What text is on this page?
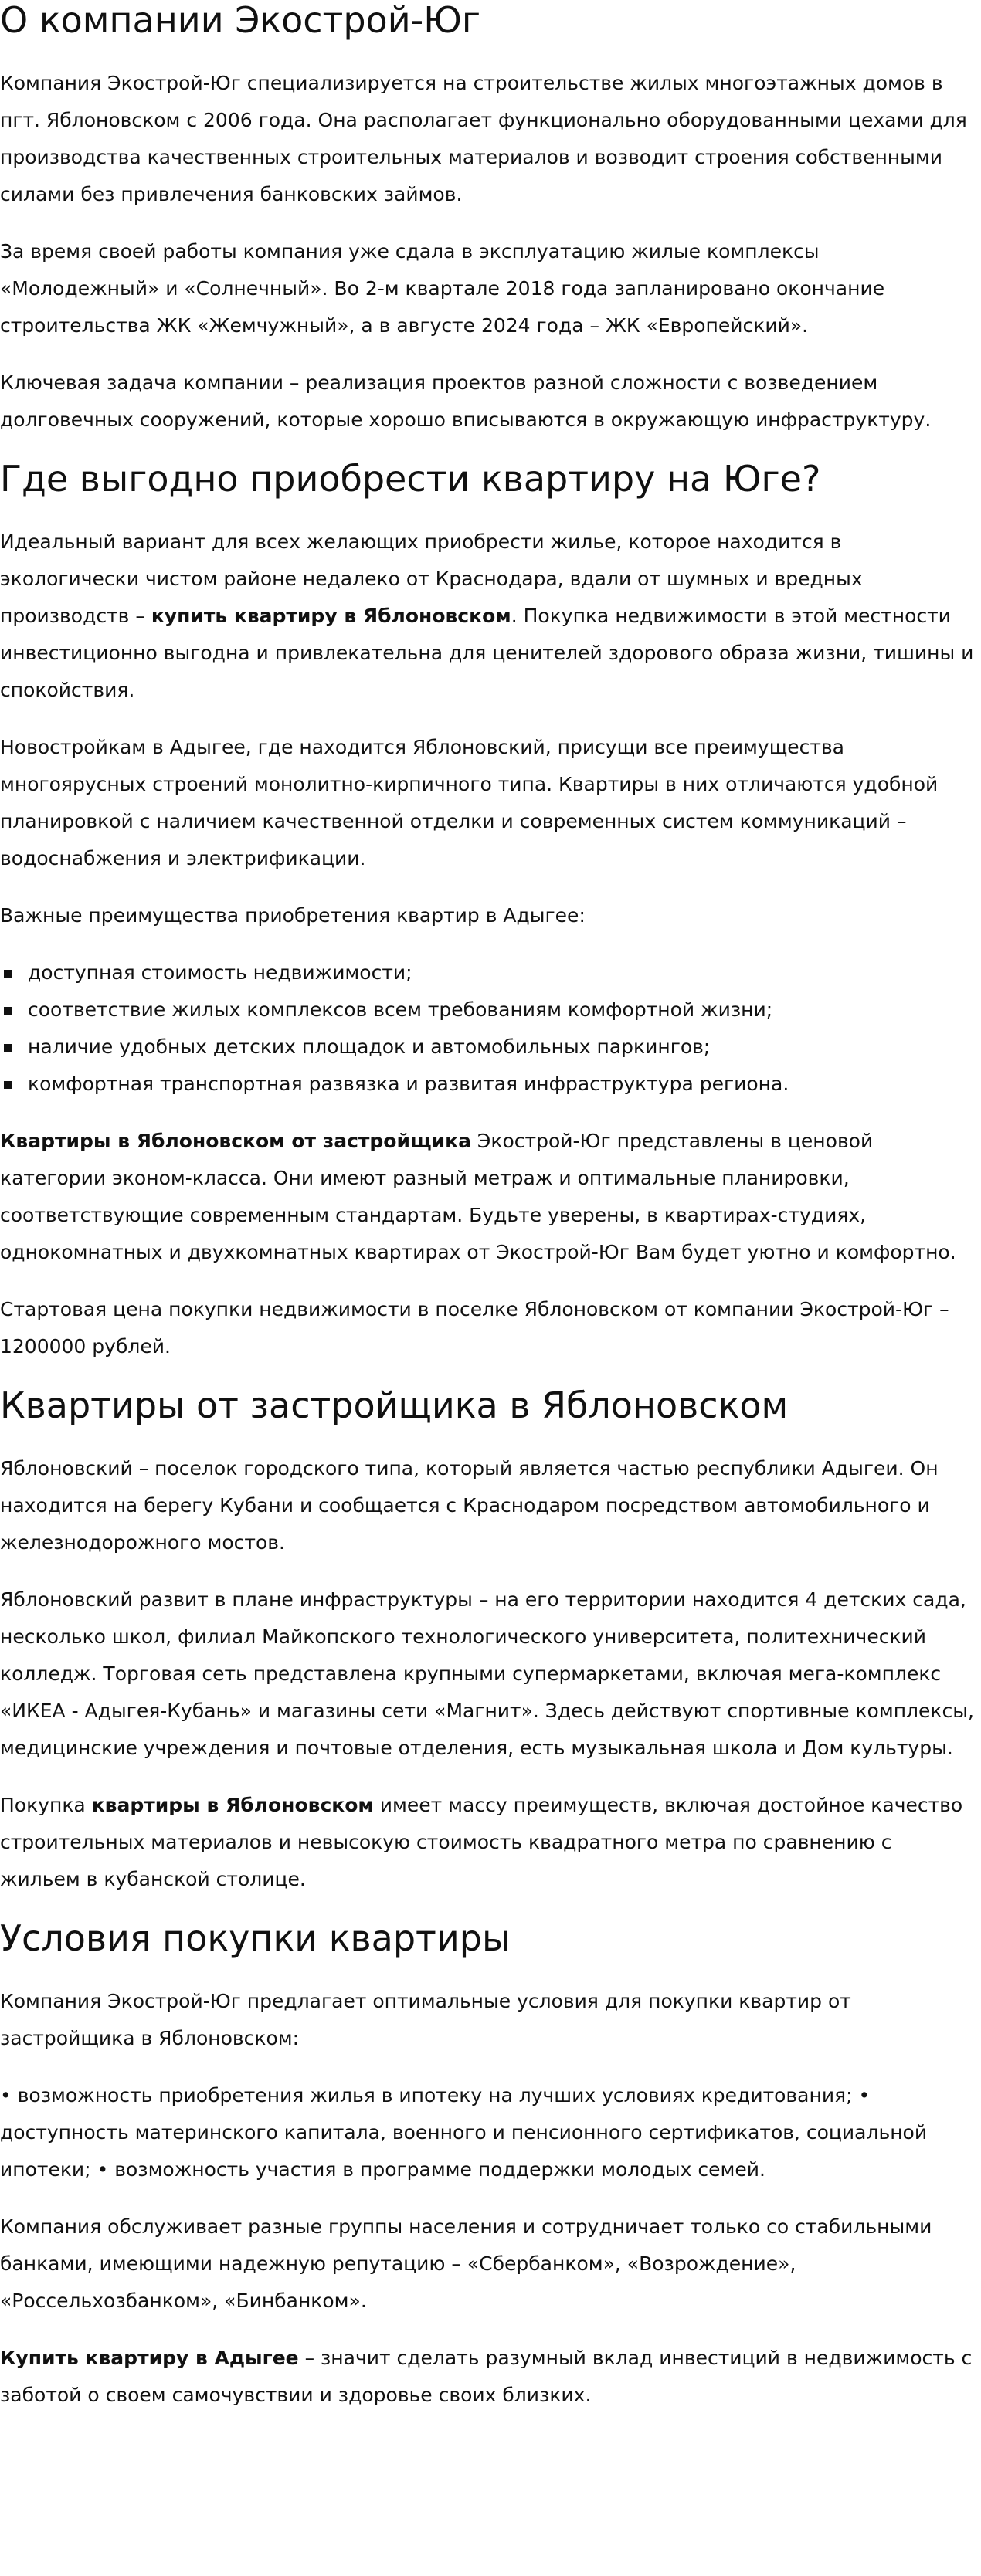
О компании Экострой-Юг

Компания Экострой-Юг специализируется на строительстве жилых многоэтажных домов в пгт. Яблоновском с 2006 года. Она располагает функционально оборудованными цехами для производства качественных строительных материалов и возводит строения собственными силами без привлечения банковских займов.

За время своей работы компания уже сдала в эксплуатацию жилые комплексы «Молодежный» и «Солнечный». Во 2-м квартале 2018 года запланировано окончание строительства ЖК «Жемчужный», а в августе 2024 года – ЖК «Европейский».

Ключевая задача компании – реализация проектов разной сложности с возведением долговечных сооружений, которые хорошо вписываются в окружающую инфраструктуру.

Где выгодно приобрести квартиру на Юге?

Идеальный вариант для всех желающих приобрести жилье, которое находится в экологически чистом районе недалеко от Краснодара, вдали от шумных и вредных производств – купить квартиру в Яблоновском. Покупка недвижимости в этой местности инвестиционно выгодна и привлекательна для ценителей здорового образа жизни, тишины и спокойствия.

Новостройкам в Адыгее, где находится Яблоновский, присущи все преимущества многоярусных строений монолитно-кирпичного типа. Квартиры в них отличаются удобной планировкой с наличием качественной отделки и современных систем коммуникаций – водоснабжения и электрификации.

Важные преимущества приобретения квартир в Адыгее:

доступная стоимость недвижимости;
соответствие жилых комплексов всем требованиям комфортной жизни;
наличие удобных детских площадок и автомобильных паркингов;
комфортная транспортная развязка и развитая инфраструктура региона.

Квартиры в Яблоновском от застройщика Экострой-Юг представлены в ценовой категории эконом-класса. Они имеют разный метраж и оптимальные планировки, соответствующие современным стандартам. Будьте уверены, в квартирах-студиях, однокомнатных и двухкомнатных квартирах от Экострой-Юг Вам будет уютно и комфортно.

Стартовая цена покупки недвижимости в поселке Яблоновском от компании Экострой-Юг – 1200000 рублей.

Квартиры от застройщика в Яблоновском

Яблоновский – поселок городского типа, который является частью республики Адыгеи. Он находится на берегу Кубани и сообщается с Краснодаром посредством автомобильного и железнодорожного мостов.

Яблоновский развит в плане инфраструктуры – на его территории находится 4 детских сада, несколько школ, филиал Майкопского технологического университета, политехнический колледж. Торговая сеть представлена крупными супермаркетами, включая мега-комплекс «ИКЕА - Адыгея-Кубань» и магазины сети «Магнит». Здесь действуют спортивные комплексы, медицинские учреждения и почтовые отделения, есть музыкальная школа и Дом культуры.

Покупка квартиры в Яблоновском имеет массу преимуществ, включая достойное качество строительных материалов и невысокую стоимость квадратного метра по сравнению с жильем в кубанской столице.

Условия покупки квартиры

Компания Экострой-Юг предлагает оптимальные условия для покупки квартир от застройщика в Яблоновском:

• возможность приобретения жилья в ипотеку на лучших условиях кредитования; • доступность материнского капитала, военного и пенсионного сертификатов, социальной ипотеки; • возможность участия в программе поддержки молодых семей.

Компания обслуживает разные группы населения и сотрудничает только со стабильными банками, имеющими надежную репутацию – «Сбербанком», «Возрождение», «Россельхозбанком», «Бинбанком».

Купить квартиру в Адыгее – значит сделать разумный вклад инвестиций в недвижимость с заботой о своем самочувствии и здоровье своих близких.
